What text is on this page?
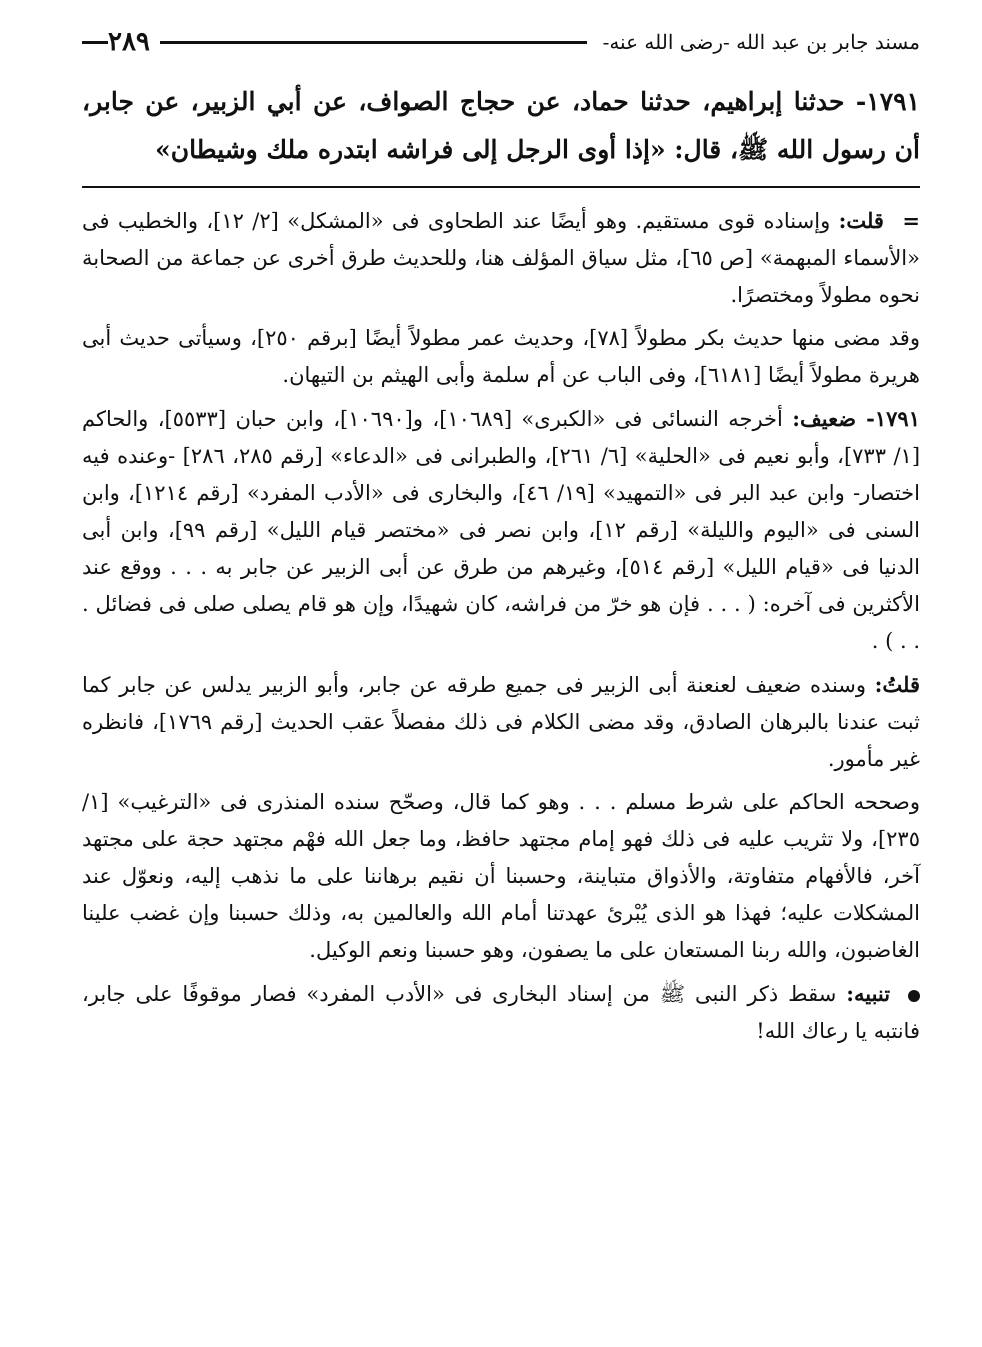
مسند جابر بن عبد الله -رضى الله عنه-
٢٨٩
١٧٩١- حدثنا إبراهيم، حدثنا حماد، عن حجاج الصواف، عن أبي الزبير، عن جابر، أن رسول الله ﷺ، قال: «إذا أوى الرجل إلى فراشه ابتدره ملك وشيطان»
= قلت: وإسناده قوى مستقيم. وهو أيضًا عند الطحاوى فى «المشكل» [٢/ ١٢]، والخطيب فى «الأسماء المبهمة» [ص ٦٥]، مثل سياق المؤلف هنا، وللحديث طرق أخرى عن جماعة من الصحابة نحوه مطولاً ومختصرًا.
وقد مضى منها حديث بكر مطولاً [٧٨]، وحديث عمر مطولاً أيضًا [برقم ٢٥٠]، وسيأتى حديث أبى هريرة مطولاً أيضًا [٦١٨١]، وفى الباب عن أم سلمة وأبى الهيثم بن التيهان.
١٧٩١- ضعيف: أخرجه النسائى فى «الكبرى» [١٠٦٨٩]، و[١٠٦٩٠]، وابن حبان [٥٥٣٣]، والحاكم [١/ ٧٣٣]، وأبو نعيم فى «الحلية» [٦/ ٢٦١]، والطبرانى فى «الدعاء» [رقم ٢٨٥، ٢٨٦] -وعنده فيه اختصار- وابن عبد البر فى «التمهيد» [١٩/ ٤٦]، والبخارى فى «الأدب المفرد» [رقم ١٢١٤]، وابن السنى فى «اليوم والليلة» [رقم ١٢]، وابن نصر فى «مختصر قيام الليل» [رقم ٩٩]، وابن أبى الدنيا فى «قيام الليل» [رقم ٥١٤]، وغيرهم من طرق عن أبى الزبير عن جابر به . . . ووقع عند الأكثرين فى آخره: ( . . . فإن هو خرّ من فراشه، كان شهيدًا، وإن هو قام يصلى صلى فى فضائل . . . ) .
قلتُ: وسنده ضعيف لعنعنة أبى الزبير فى جميع طرقه عن جابر، وأبو الزبير يدلس عن جابر كما ثبت عندنا بالبرهان الصادق، وقد مضى الكلام فى ذلك مفصلاً عقب الحديث [رقم ١٧٦٩]، فانظره غير مأمور.
وصححه الحاكم على شرط مسلم . . . وهو كما قال، وصحّح سنده المنذرى فى «الترغيب» [١/ ٢٣٥]، ولا تثريب عليه فى ذلك فهو إمام مجتهد حافظ، وما جعل الله فهْم مجتهد حجة على مجتهد آخر، فالأفهام متفاوتة، والأذواق متباينة، وحسبنا أن نقيم برهاننا على ما نذهب إليه، ونعوّل عند المشكلات عليه؛ فهذا هو الذى يُبْرئ عهدتنا أمام الله والعالمين به، وذلك حسبنا وإن غضب علينا الغاضبون، والله ربنا المستعان على ما يصفون، وهو حسبنا ونعم الوكيل.
تنبيه: سقط ذكر النبى ﷺ من إسناد البخارى فى «الأدب المفرد» فصار موقوفًا على جابر، فانتبه يا رعاك الله!
